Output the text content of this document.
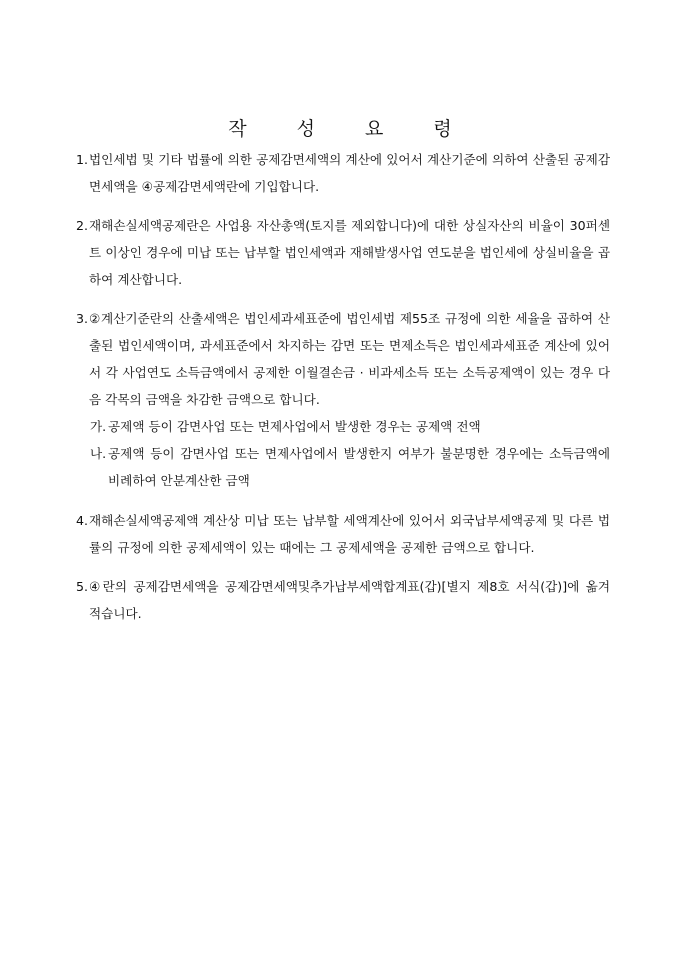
작성요령
1. 법인세법 및 기타 법률에 의한 공제감면세액의 계산에 있어서 계산기준에 의하여 산출된 공제감면세액을 ④공제감면세액란에 기입합니다.
2. 재해손실세액공제란은 사업용 자산총액(토지를 제외합니다)에 대한 상실자산의 비율이 30퍼센트 이상인 경우에 미납 또는 납부할 법인세액과 재해발생사업 연도분을 법인세에 상실비율을 곱하여 계산합니다.
3. ②계산기준란의 산출세액은 법인세과세표준에 법인세법 제55조 규정에 의한 세율을 곱하여 산출된 법인세액이며, 과세표준에서 차지하는 감면 또는 면제소득은 법인세과세표준 계산에 있어서 각 사업연도 소득금액에서 공제한 이월결손금 · 비과세소득 또는 소득공제액이 있는 경우 다음 각목의 금액을 차감한 금액으로 합니다.
가. 공제액 등이 감면사업 또는 면제사업에서 발생한 경우는 공제액 전액
나. 공제액 등이 감면사업 또는 면제사업에서 발생한지 여부가 불분명한 경우에는 소득금액에 비례하여 안분계산한 금액
4. 재해손실세액공제액 계산상 미납 또는 납부할 세액계산에 있어서 외국납부세액공제 및 다른 법률의 규정에 의한 공제세액이 있는 때에는 그 공제세액을 공제한 금액으로 합니다.
5. ④란의 공제감면세액을 공제감면세액및추가납부세액합계표(갑)[별지 제8호 서식(갑)]에 옮겨 적습니다.
